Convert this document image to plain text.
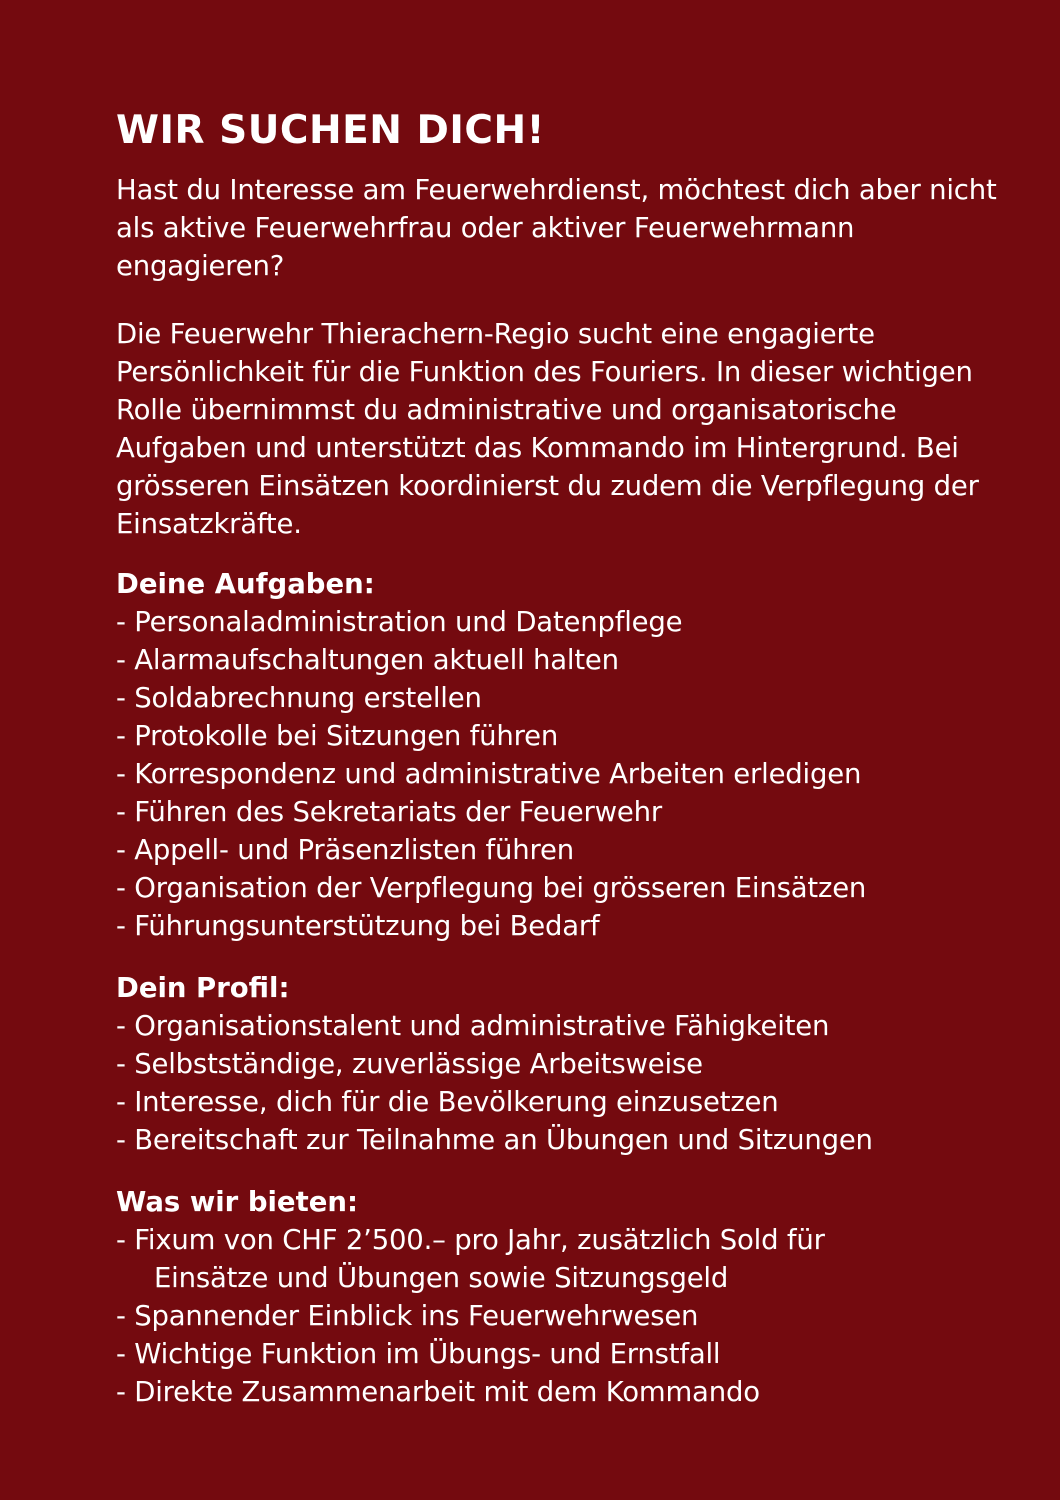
WIR SUCHEN DICH!

Hast du Interesse am Feuerwehrdienst, möchtest dich aber nicht als aktive Feuerwehrfrau oder aktiver Feuerwehrmann engagieren?

Die Feuerwehr Thierachern-Regio sucht eine engagierte Persönlichkeit für die Funktion des Fouriers. In dieser wichtigen Rolle übernimmst du administrative und organisatorische Aufgaben und unterstützt das Kommando im Hintergrund. Bei grösseren Einsätzen koordinierst du zudem die Verpflegung der Einsatzkräfte.

Deine Aufgaben:
- Personaladministration und Datenpflege
- Alarmaufschaltungen aktuell halten
- Soldabrechnung erstellen
- Protokolle bei Sitzungen führen
- Korrespondenz und administrative Arbeiten erledigen
- Führen des Sekretariats der Feuerwehr
- Appell- und Präsenzlisten führen
- Organisation der Verpflegung bei grösseren Einsätzen
- Führungsunterstützung bei Bedarf
Dein Profil:
- Organisationstalent und administrative Fähigkeiten
- Selbstständige, zuverlässige Arbeitsweise
- Interesse, dich für die Bevölkerung einzusetzen
- Bereitschaft zur Teilnahme an Übungen und Sitzungen
Was wir bieten:
- Fixum von CHF 2’500.– pro Jahr, zusätzlich Sold für
Einsätze und Übungen sowie Sitzungsgeld
- Spannender Einblick ins Feuerwehrwesen
- Wichtige Funktion im Übungs- und Ernstfall
- Direkte Zusammenarbeit mit dem Kommando
